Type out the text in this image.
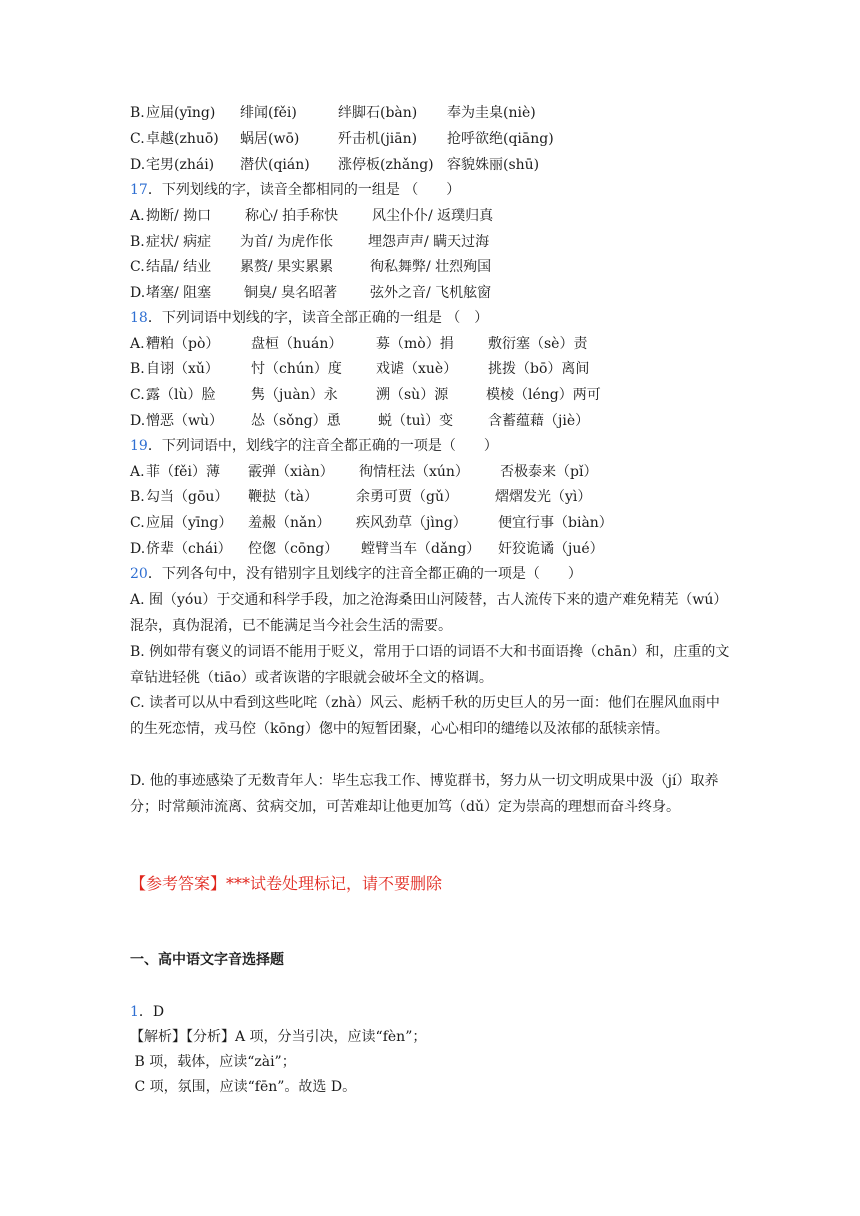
B. 应届(yīng) 绯闻(fěi)	绊脚石(bàn) 奉为圭臬(niè)
C. 卓越(zhuō) 蜗居(wō)	歼击机(jiān) 抢呼欲绝(qiāng)
D. 宅男(zhái) 潜伏(qián) 涨停板(zhǎng) 容貌姝丽(shū)
17．下列划线的字，读音全都相同的一组是 （　　）
A. 拗断/ 拗口 称心/ 拍手称快 风尘仆仆/ 返璞归真
B. 症状/ 病症 为首/ 为虎作伥 埋怨声声/ 瞒天过海
C. 结晶/ 结业 累赘/ 果实累累	徇私舞弊/ 壮烈殉国
D. 堵塞/ 阻塞 铜臭/ 臭名昭著 弦外之音/ 飞机舷窗
18．下列词语中划线的字，读音全部正确的一组是 （　）
A. 糟粕（pò） 盘桓（huán） 募（mò）捐 敷衍塞（sè）责
B. 自诩（xǔ） 忖（chún）度 戏谑（xuè） 挑拨（bō）离间
C. 露（lù）脸	隽（juàn）永	溯（sù）源	模棱（léng）两可
D. 憎恶（wù） 怂（sǒng）恿	蜕（tuì）变 含蓄蕴藉（jiè）
19．下列词语中，划线字的注音全都正确的一项是（　　）
A. 菲（fěi）薄 霰弹（xiàn） 徇情枉法（xún） 否极泰来（pǐ）
B. 勾当（gōu） 鞭挞（tà）	余勇可贾（gǔ）	熠熠发光（yì）
C. 应届（yīng） 羞赧（nǎn） 疾风劲草（jìng） 便宜行事（biàn）
D. 侪辈（chái） 倥偬（cōng） 螳臂当车（dǎng） 奸狡诡谲（jué）
20．下列各句中，没有错别字且划线字的注音全都正确的一项是（　　）
A. 囿（yóu）于交通和科学手段，加之沧海桑田山河陵替，古人流传下来的遗产难免精芜（wú）混杂，真伪混淆，已不能满足当今社会生活的需要。
B. 例如带有褒义的词语不能用于贬义，常用于口语的词语不大和书面语搀（chān）和，庄重的文章钻进轻佻（tiāo）或者诙谐的字眼就会破坏全文的格调。
C. 读者可以从中看到这些叱咤（zhà）风云、彪柄千秋的历史巨人的另一面：他们在腥风血雨中的生死恋情，戎马倥（kōng）偬中的短暂团聚，心心相印的缱绻以及浓郁的舐犊亲情。
D. 他的事迹感染了无数青年人：毕生忘我工作、博览群书，努力从一切文明成果中汲（jí）取养分；时常颠沛流离、贫病交加，可苦难却让他更加笃（dǔ）定为崇高的理想而奋斗终身。
【参考答案】***试卷处理标记，请不要删除
一、高中语文字音选择题
1．D
【解析】【分析】A 项，分当引决，应读“fèn”；
B 项，载体，应读“zài”；
C 项，氛围，应读“fēn”。故选 D。
